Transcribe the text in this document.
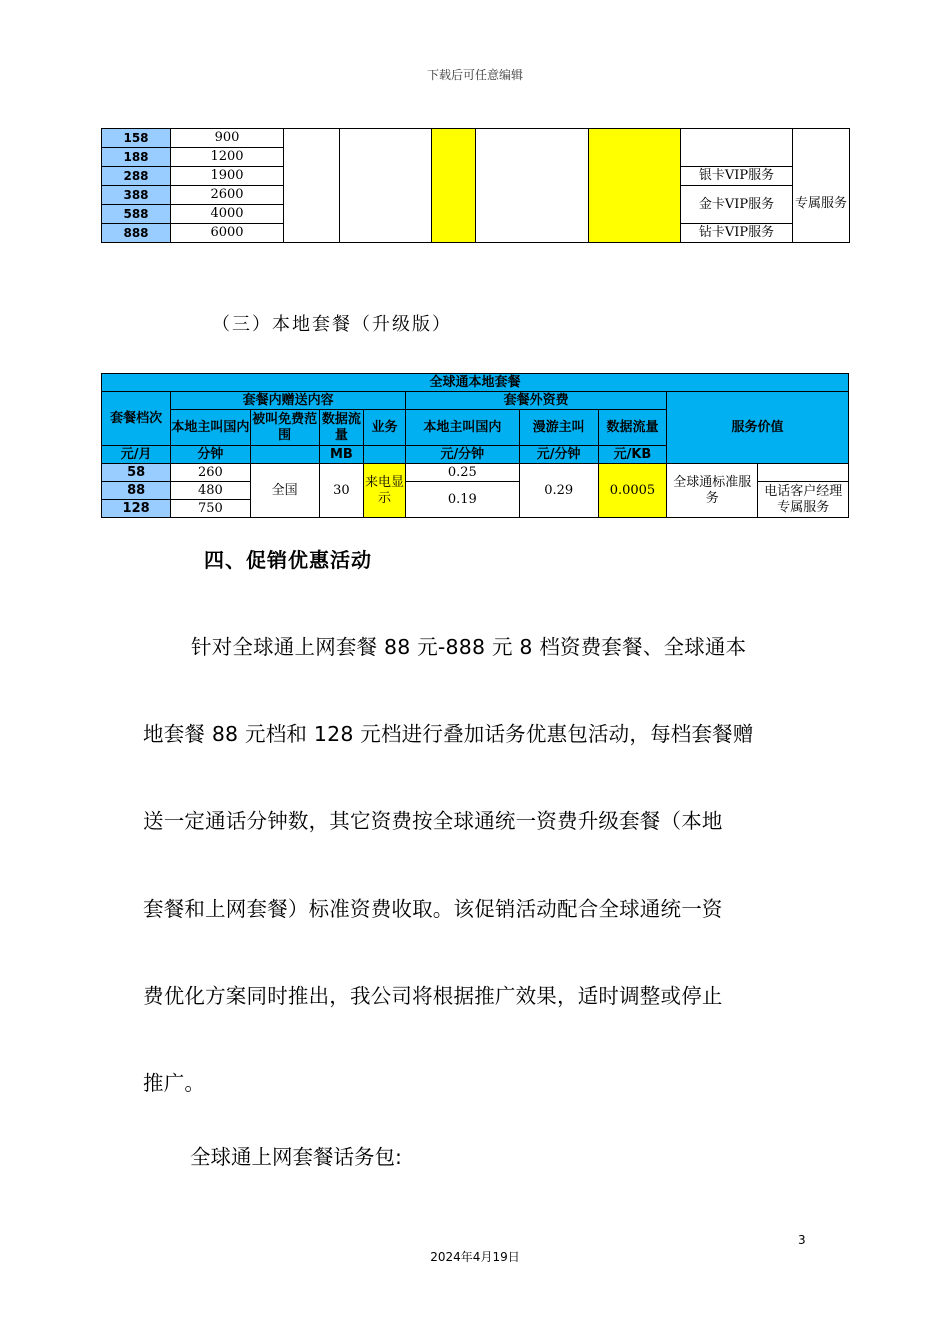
下载后可任意编辑
158	900							
188	1200							
288	1900						银卡VIP服务	专属服务
388	2600						金卡VIP服务	
588	4000							
888	6000						钻卡VIP服务	
（三）本地套餐（升级版）
全球通本地套餐									
套餐档次	套餐内赠送内容				套餐外资费			服务价值	
	本地主叫国内	被叫免费范围	数据流量	业务	本地主叫国内	漫游主叫	数据流量		
元/月	分钟		MB		元/分钟	元/分钟	元/KB		
58	260	全国	30	来电显示	0.25	0.29	0.0005	全球通标准服务	
88	480				0.19				电话客户经理专属服务
128	750								
四、促销优惠活动
针对全球通上网套餐 88 元-888 元 8 档资费套餐、全球通本
地套餐 88 元档和 128 元档进行叠加话务优惠包活动，每档套餐赠
送一定通话分钟数，其它资费按全球通统一资费升级套餐（本地
套餐和上网套餐）标准资费收取。该促销活动配合全球通统一资
费优化方案同时推出，我公司将根据推广效果，适时调整或停止
推广。
全球通上网套餐话务包:
3
2024年4月19日
